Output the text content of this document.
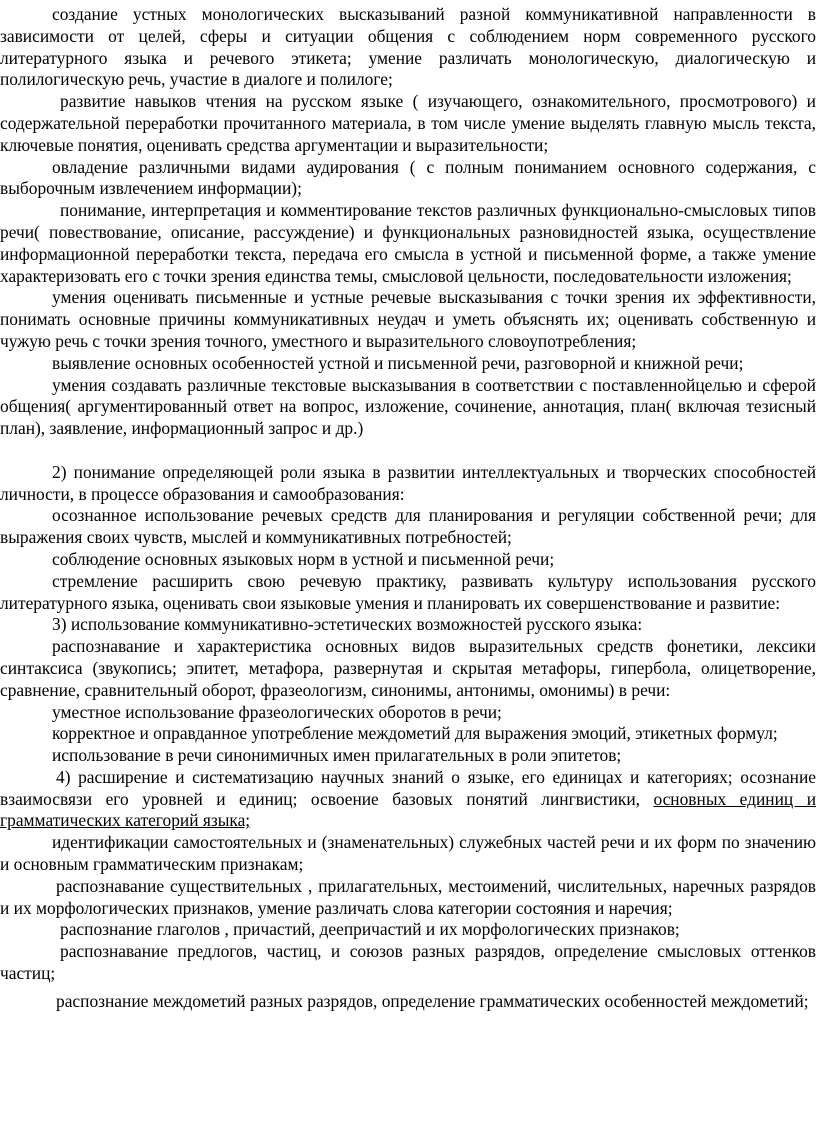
создание устных монологических высказываний разной коммуникативной направленности в зависимости от целей, сферы и ситуации общения с соблюдением норм современного русского литературного языка и речевого этикета; умение различать монологическую, диалогическую и полилогическую речь, участие в диалоге и полилоге;

развитие навыков чтения на русском языке ( изучающего, ознакомительного, просмотрового) и содержательной переработки прочитанного материала, в том числе умение выделять главную мысль текста, ключевые понятия, оценивать средства аргументации и выразительности;

овладение различными видами аудирования ( с полным пониманием основного содержания, с выборочным извлечением информации);

понимание, интерпретация и комментирование текстов различных функционально-смысловых типов речи( повествование, описание, рассуждение) и функциональных разновидностей языка, осуществление информационной переработки текста, передача его смысла в устной и письменной форме, а также умение характеризовать его с точки зрения единства темы, смысловой цельности, последовательности изложения;

умения оценивать письменные и устные речевые высказывания с точки зрения их эффективности, понимать основные причины коммуникативных неудач и уметь объяснять их; оценивать собственную и чужую речь с точки зрения точного, уместного и выразительного словоупотребления;

выявление основных особенностей устной и письменной речи, разговорной и книжной речи;

умения создавать различные текстовые высказывания в соответствии с поставленнойцелью и сферой общения( аргументированный ответ на вопрос, изложение, сочинение, аннотация, план( включая тезисный план), заявление, информационный запрос и др.)

2) понимание определяющей роли языка в развитии интеллектуальных и творческих способностей личности, в процессе образования и самообразования:

осознанное использование речевых средств для планирования и регуляции собственной речи; для выражения своих чувств, мыслей и коммуникативных потребностей;

соблюдение основных языковых норм в устной и письменной речи;

стремление расширить свою речевую практику, развивать культуру использования русского литературного языка, оценивать свои языковые умения и планировать их совершенствование и развитие:

3) использование коммуникативно-эстетических возможностей русского языка:

распознавание и характеристика основных видов выразительных средств фонетики, лексики синтаксиса (звукопись; эпитет, метафора, развернутая и скрытая метафоры, гипербола, олицетворение, сравнение, сравнительный оборот, фразеологизм, синонимы, антонимы, омонимы) в речи:

уместное использование фразеологических оборотов в речи;

корректное и оправданное употребление междометий для выражения эмоций, этикетных формул;

использование в речи синонимичных имен прилагательных в роли эпитетов;

4) расширение и систематизацию научных знаний о языке, его единицах и категориях; осознание взаимосвязи его уровней и единиц; освоение базовых понятий лингвистики, основных единиц и грамматических категорий языка;

идентификации самостоятельных и (знаменательных) служебных частей речи и их форм по значению и основным грамматическим признакам;

распознавание существительных , прилагательных, местоимений, числительных, наречных разрядов и их морфологических признаков, умение различать слова категории состояния и наречия;

распознание глаголов , причастий, деепричастий и их морфологических признаков;

распознавание предлогов, частиц, и союзов разных разрядов, определение смысловых оттенков частиц;

распознание междометий разных разрядов, определение грамматических особенностей междометий;
